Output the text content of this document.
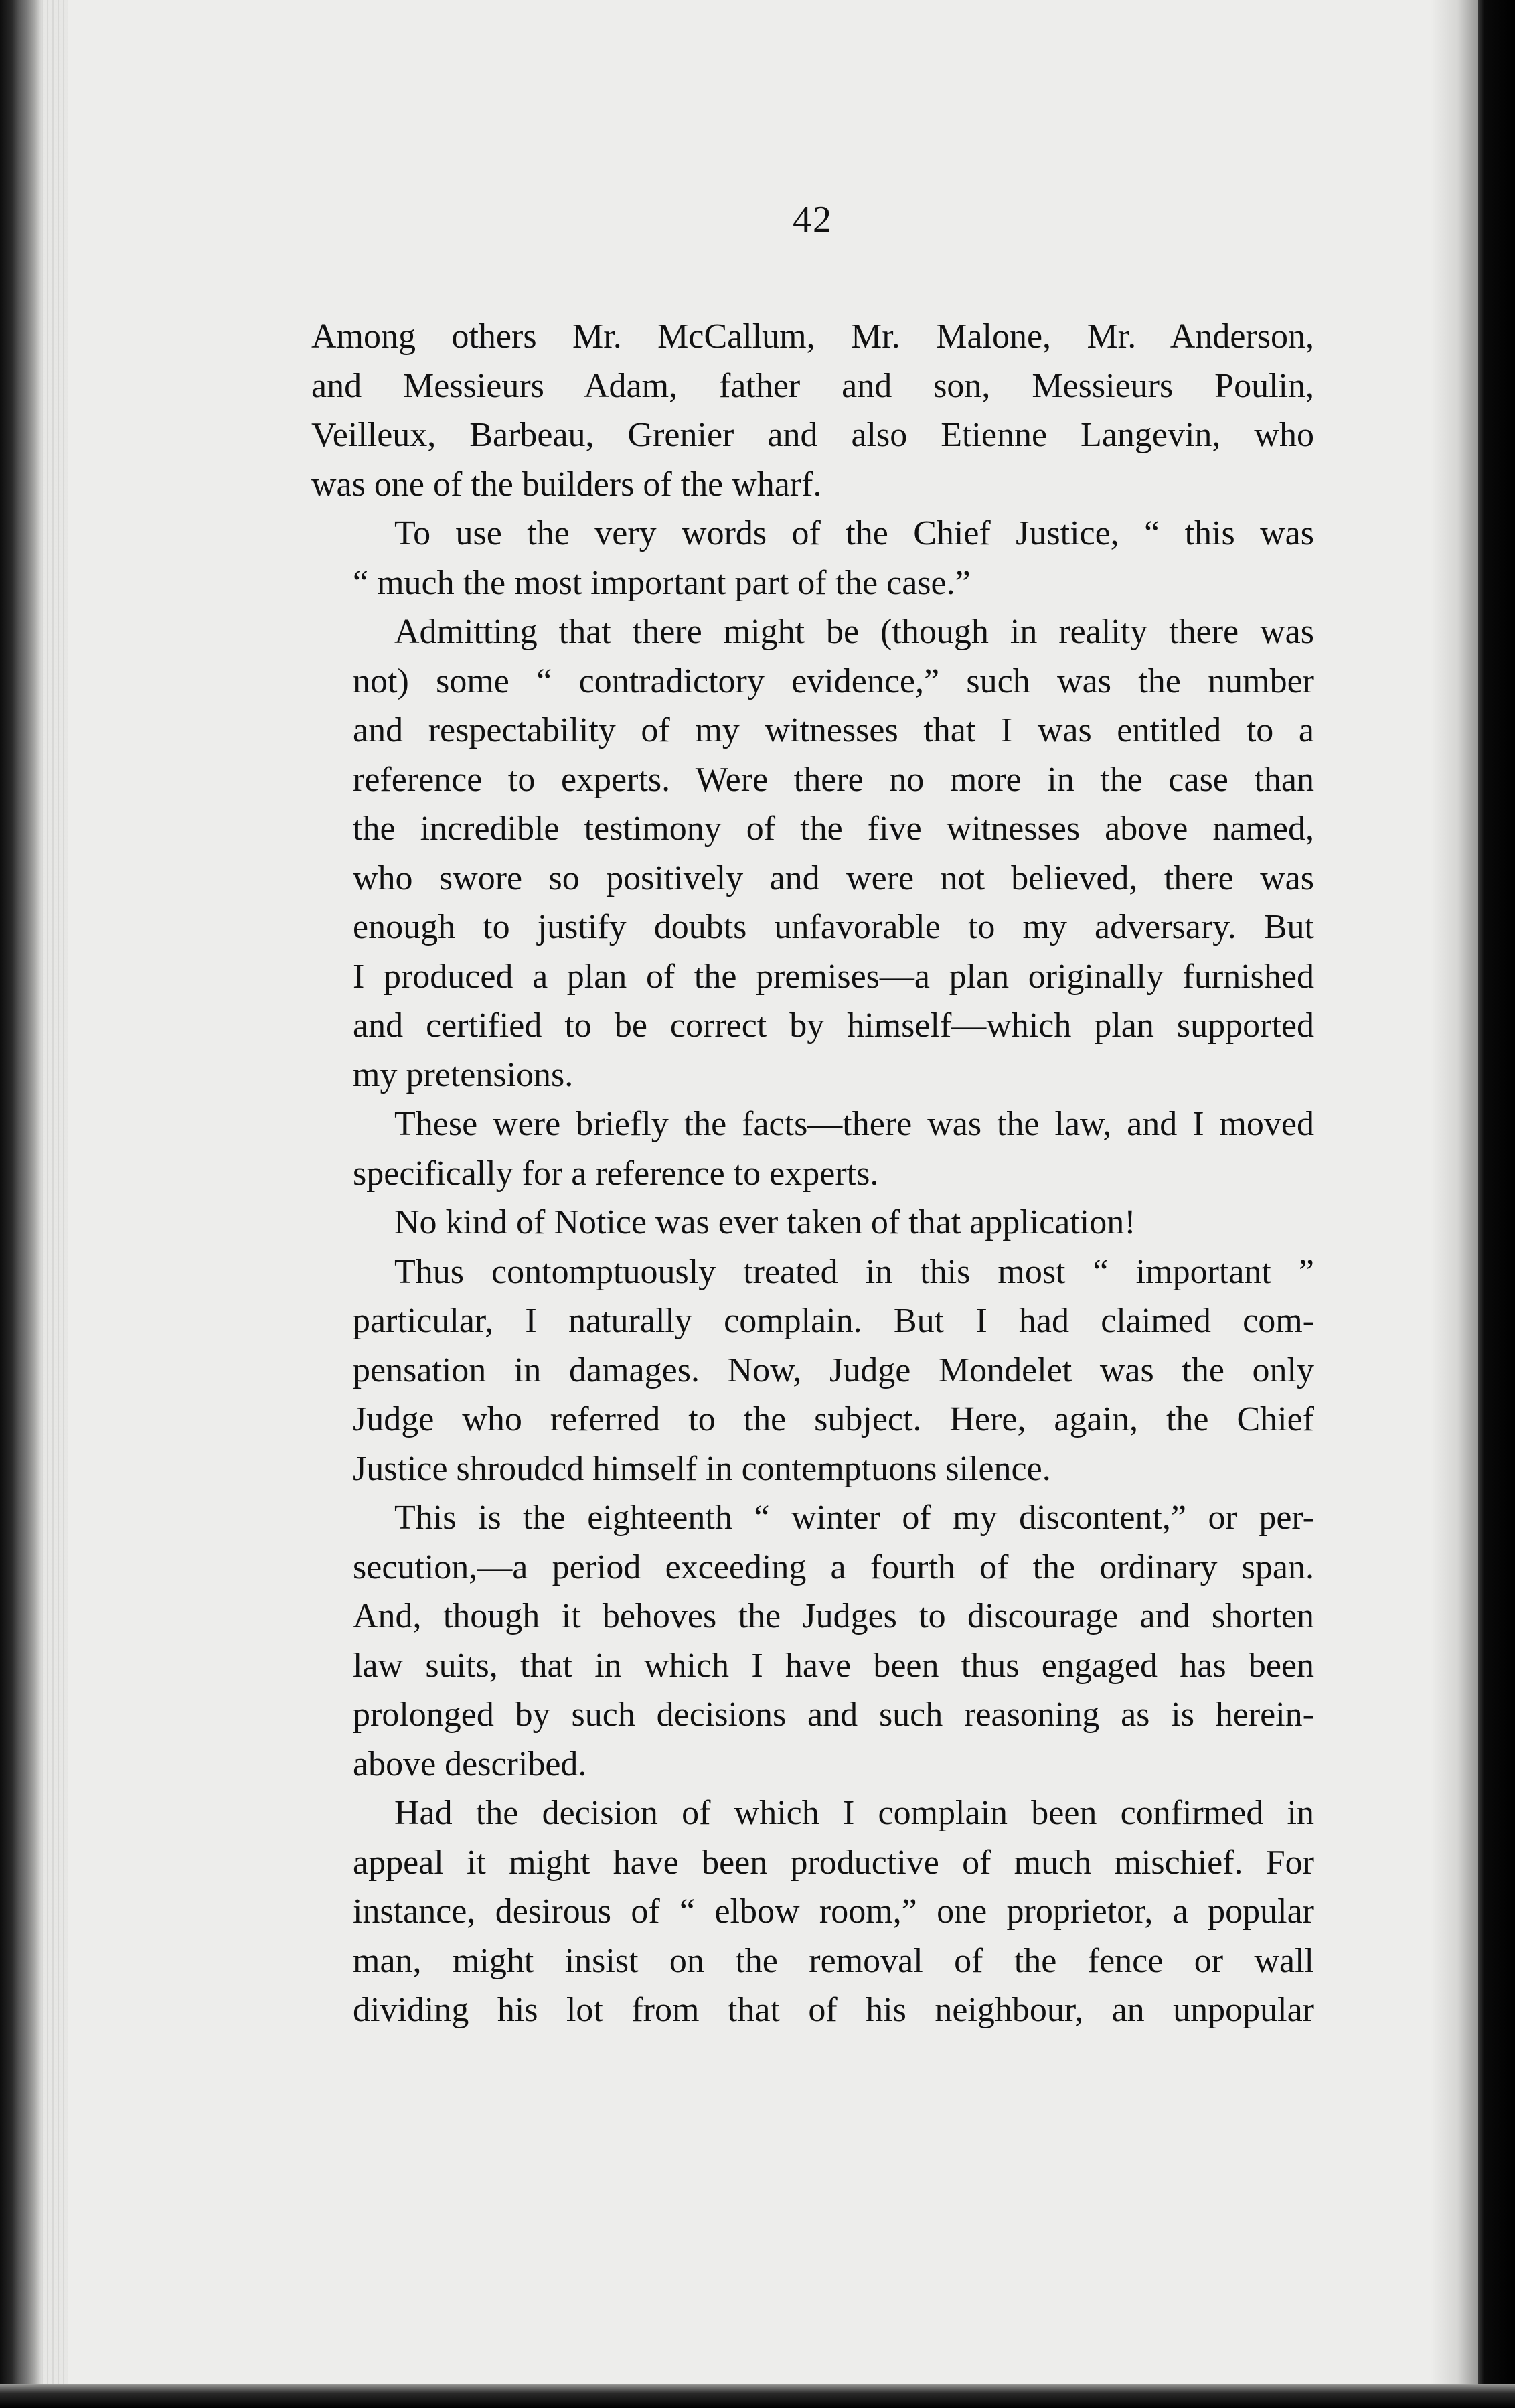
42
Among others Mr. McCallum, Mr. Malone, Mr. Anderson,
and Messieurs Adam, father and son, Messieurs Poulin,
Veilleux, Barbeau, Grenier and also Etienne Langevin, who
was one of the builders of the wharf.
To use the very words of the Chief Justice, “ this was
“ much the most important part of the case.”
Admitting that there might be (though in reality there was
not) some “ contradictory evidence,” such was the number
and respectability of my witnesses that I was entitled to a
reference to experts. Were there no more in the case than
the incredible testimony of the five witnesses above named,
who swore so positively and were not believed, there was
enough to justify doubts unfavorable to my adversary. But
I produced a plan of the premises—a plan originally furnished
and certified to be correct by himself—which plan supported
my pretensions.
These were briefly the facts—there was the law, and I moved
specifically for a reference to experts.
No kind of Notice was ever taken of that application!
Thus contomptuously treated in this most “ important ”
particular, I naturally complain. But I had claimed com-
pensation in damages. Now, Judge Mondelet was the only
Judge who referred to the subject. Here, again, the Chief
Justice shroudcd himself in contemptuons silence.
This is the eighteenth “ winter of my discontent,” or per-
secution,—a period exceeding a fourth of the ordinary span.
And, though it behoves the Judges to discourage and shorten
law suits, that in which I have been thus engaged has been
prolonged by such decisions and such reasoning as is herein-
above described.
Had the decision of which I complain been confirmed in
appeal it might have been productive of much mischief. For
instance, desirous of “ elbow room,” one proprietor, a popular
man, might insist on the removal of the fence or wall
dividing his lot from that of his neighbour, an unpopular
